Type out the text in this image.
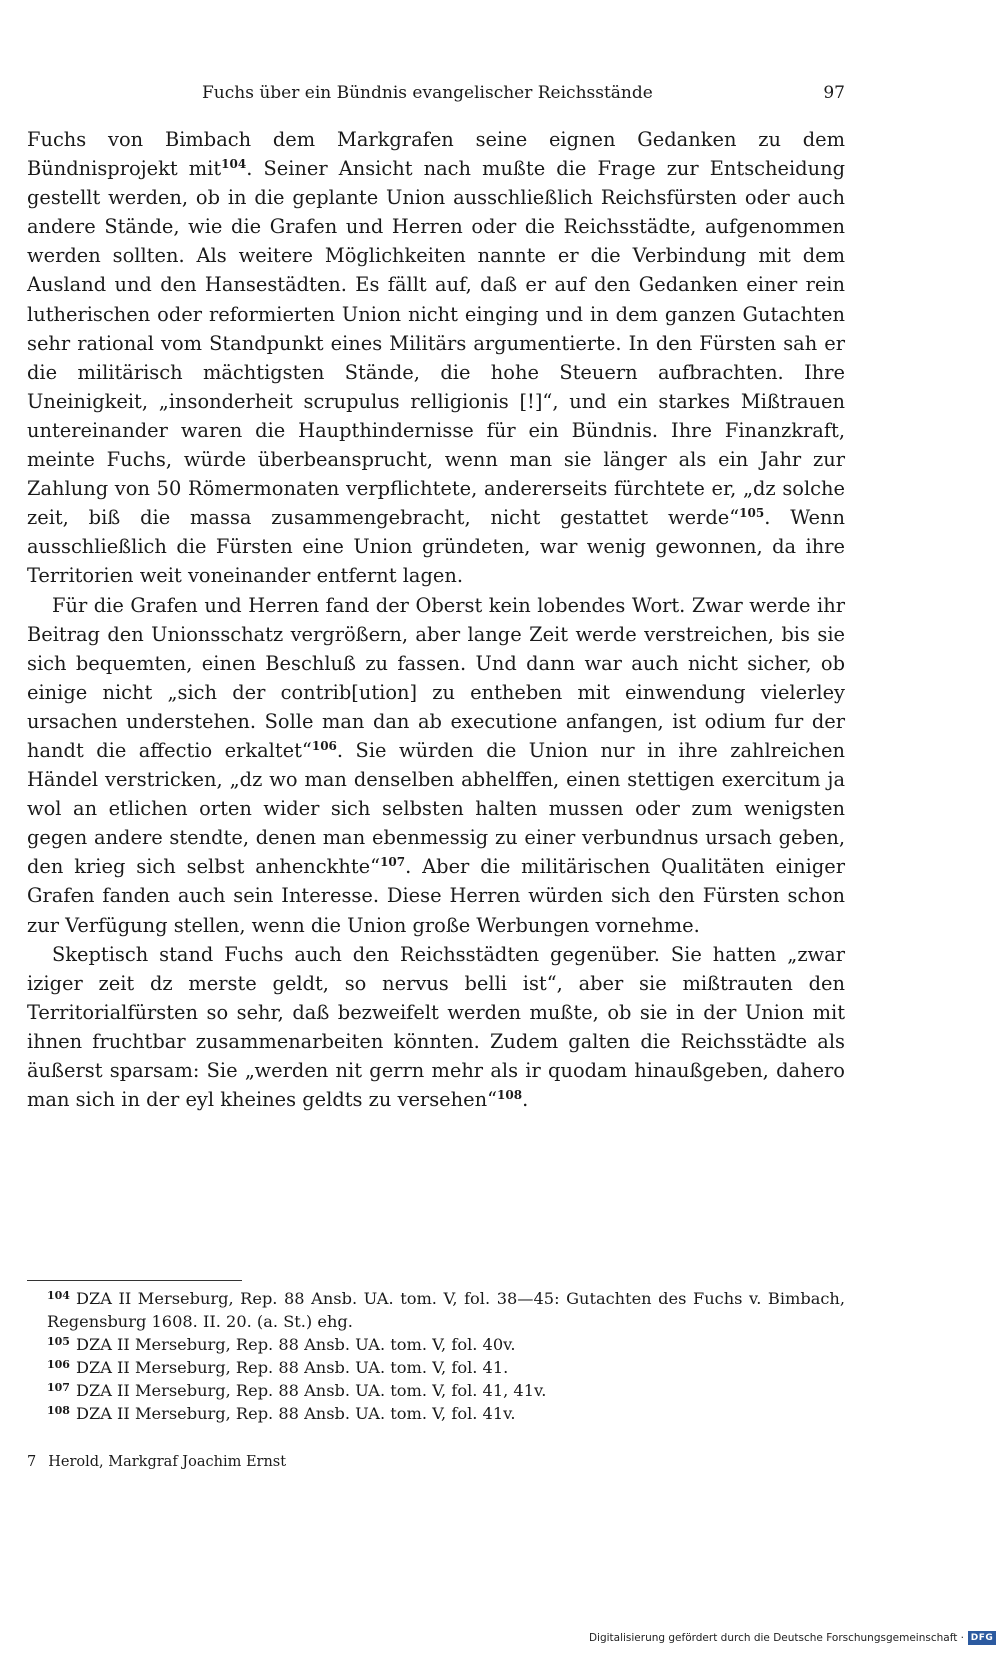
Fuchs über ein Bündnis evangelischer Reichsstände	97

Fuchs von Bimbach dem Markgrafen seine eignen Gedanken zu dem Bündnisprojekt mit$^{104}$. Seiner Ansicht nach mußte die Frage zur Entscheidung gestellt werden, ob in die geplante Union ausschließlich Reichsfürsten oder auch andere Stände, wie die Grafen und Herren oder die Reichsstädte, aufgenommen werden sollten. Als weitere Möglichkeiten nannte er die Verbindung mit dem Ausland und den Hansestädten. Es fällt auf, daß er auf den Gedanken einer rein lutherischen oder reformierten Union nicht einging und in dem ganzen Gutachten sehr rational vom Standpunkt eines Militärs argumentierte. In den Fürsten sah er die militärisch mächtigsten Stände, die hohe Steuern aufbrachten. Ihre Uneinigkeit, „insonderheit scrupulus relligionis [!]“, und ein starkes Mißtrauen untereinander waren die Haupthindernisse für ein Bündnis. Ihre Finanzkraft, meinte Fuchs, würde überbeansprucht, wenn man sie länger als ein Jahr zur Zahlung von 50 Römermonaten verpflichtete, andererseits fürchtete er, „dz solche zeit, biß die massa zusammengebracht, nicht gestattet werde“$^{105}$. Wenn ausschließlich die Fürsten eine Union gründeten, war wenig gewonnen, da ihre Territorien weit voneinander entfernt lagen.

Für die Grafen und Herren fand der Oberst kein lobendes Wort. Zwar werde ihr Beitrag den Unionsschatz vergrößern, aber lange Zeit werde verstreichen, bis sie sich bequemten, einen Beschluß zu fassen. Und dann war auch nicht sicher, ob einige nicht „sich der contrib[ution] zu entheben mit einwendung vielerley ursachen understehen. Solle man dan ab executione anfangen, ist odium fur der handt die affectio erkaltet“$^{106}$. Sie würden die Union nur in ihre zahlreichen Händel verstricken, „dz wo man denselben abhelffen, einen stettigen exercitum ja wol an etlichen orten wider sich selbsten halten mussen oder zum wenigsten gegen andere stendte, denen man ebenmessig zu einer verbundnus ursach geben, den krieg sich selbst anhenckhte“$^{107}$. Aber die militärischen Qualitäten einiger Grafen fanden auch sein Interesse. Diese Herren würden sich den Fürsten schon zur Verfügung stellen, wenn die Union große Werbungen vornehme.

Skeptisch stand Fuchs auch den Reichsstädten gegenüber. Sie hatten „zwar iziger zeit dz merste geldt, so nervus belli ist“, aber sie mißtrauten den Territorialfürsten so sehr, daß bezweifelt werden mußte, ob sie in der Union mit ihnen fruchtbar zusammenarbeiten könnten. Zudem galten die Reichsstädte als äußerst sparsam: Sie „werden nit gerrn mehr als ir quodam hinaußgeben, dahero man sich in der eyl kheines geldts zu versehen“$^{108}$.

$^{104}$ DZA II Merseburg, Rep. 88 Ansb. UA. tom. V, fol. 38—45: Gutachten des Fuchs v. Bimbach, Regensburg 1608. II. 20. (a. St.) ehg.
$^{105}$ DZA II Merseburg, Rep. 88 Ansb. UA. tom. V, fol. 40v.
$^{106}$ DZA II Merseburg, Rep. 88 Ansb. UA. tom. V, fol. 41.
$^{107}$ DZA II Merseburg, Rep. 88 Ansb. UA. tom. V, fol. 41, 41v.
$^{108}$ DZA II Merseburg, Rep. 88 Ansb. UA. tom. V, fol. 41v.
7 Herold, Markgraf Joachim Ernst
Digitalisierung gefördert durch die Deutsche Forschungsgemeinschaft · DFG
